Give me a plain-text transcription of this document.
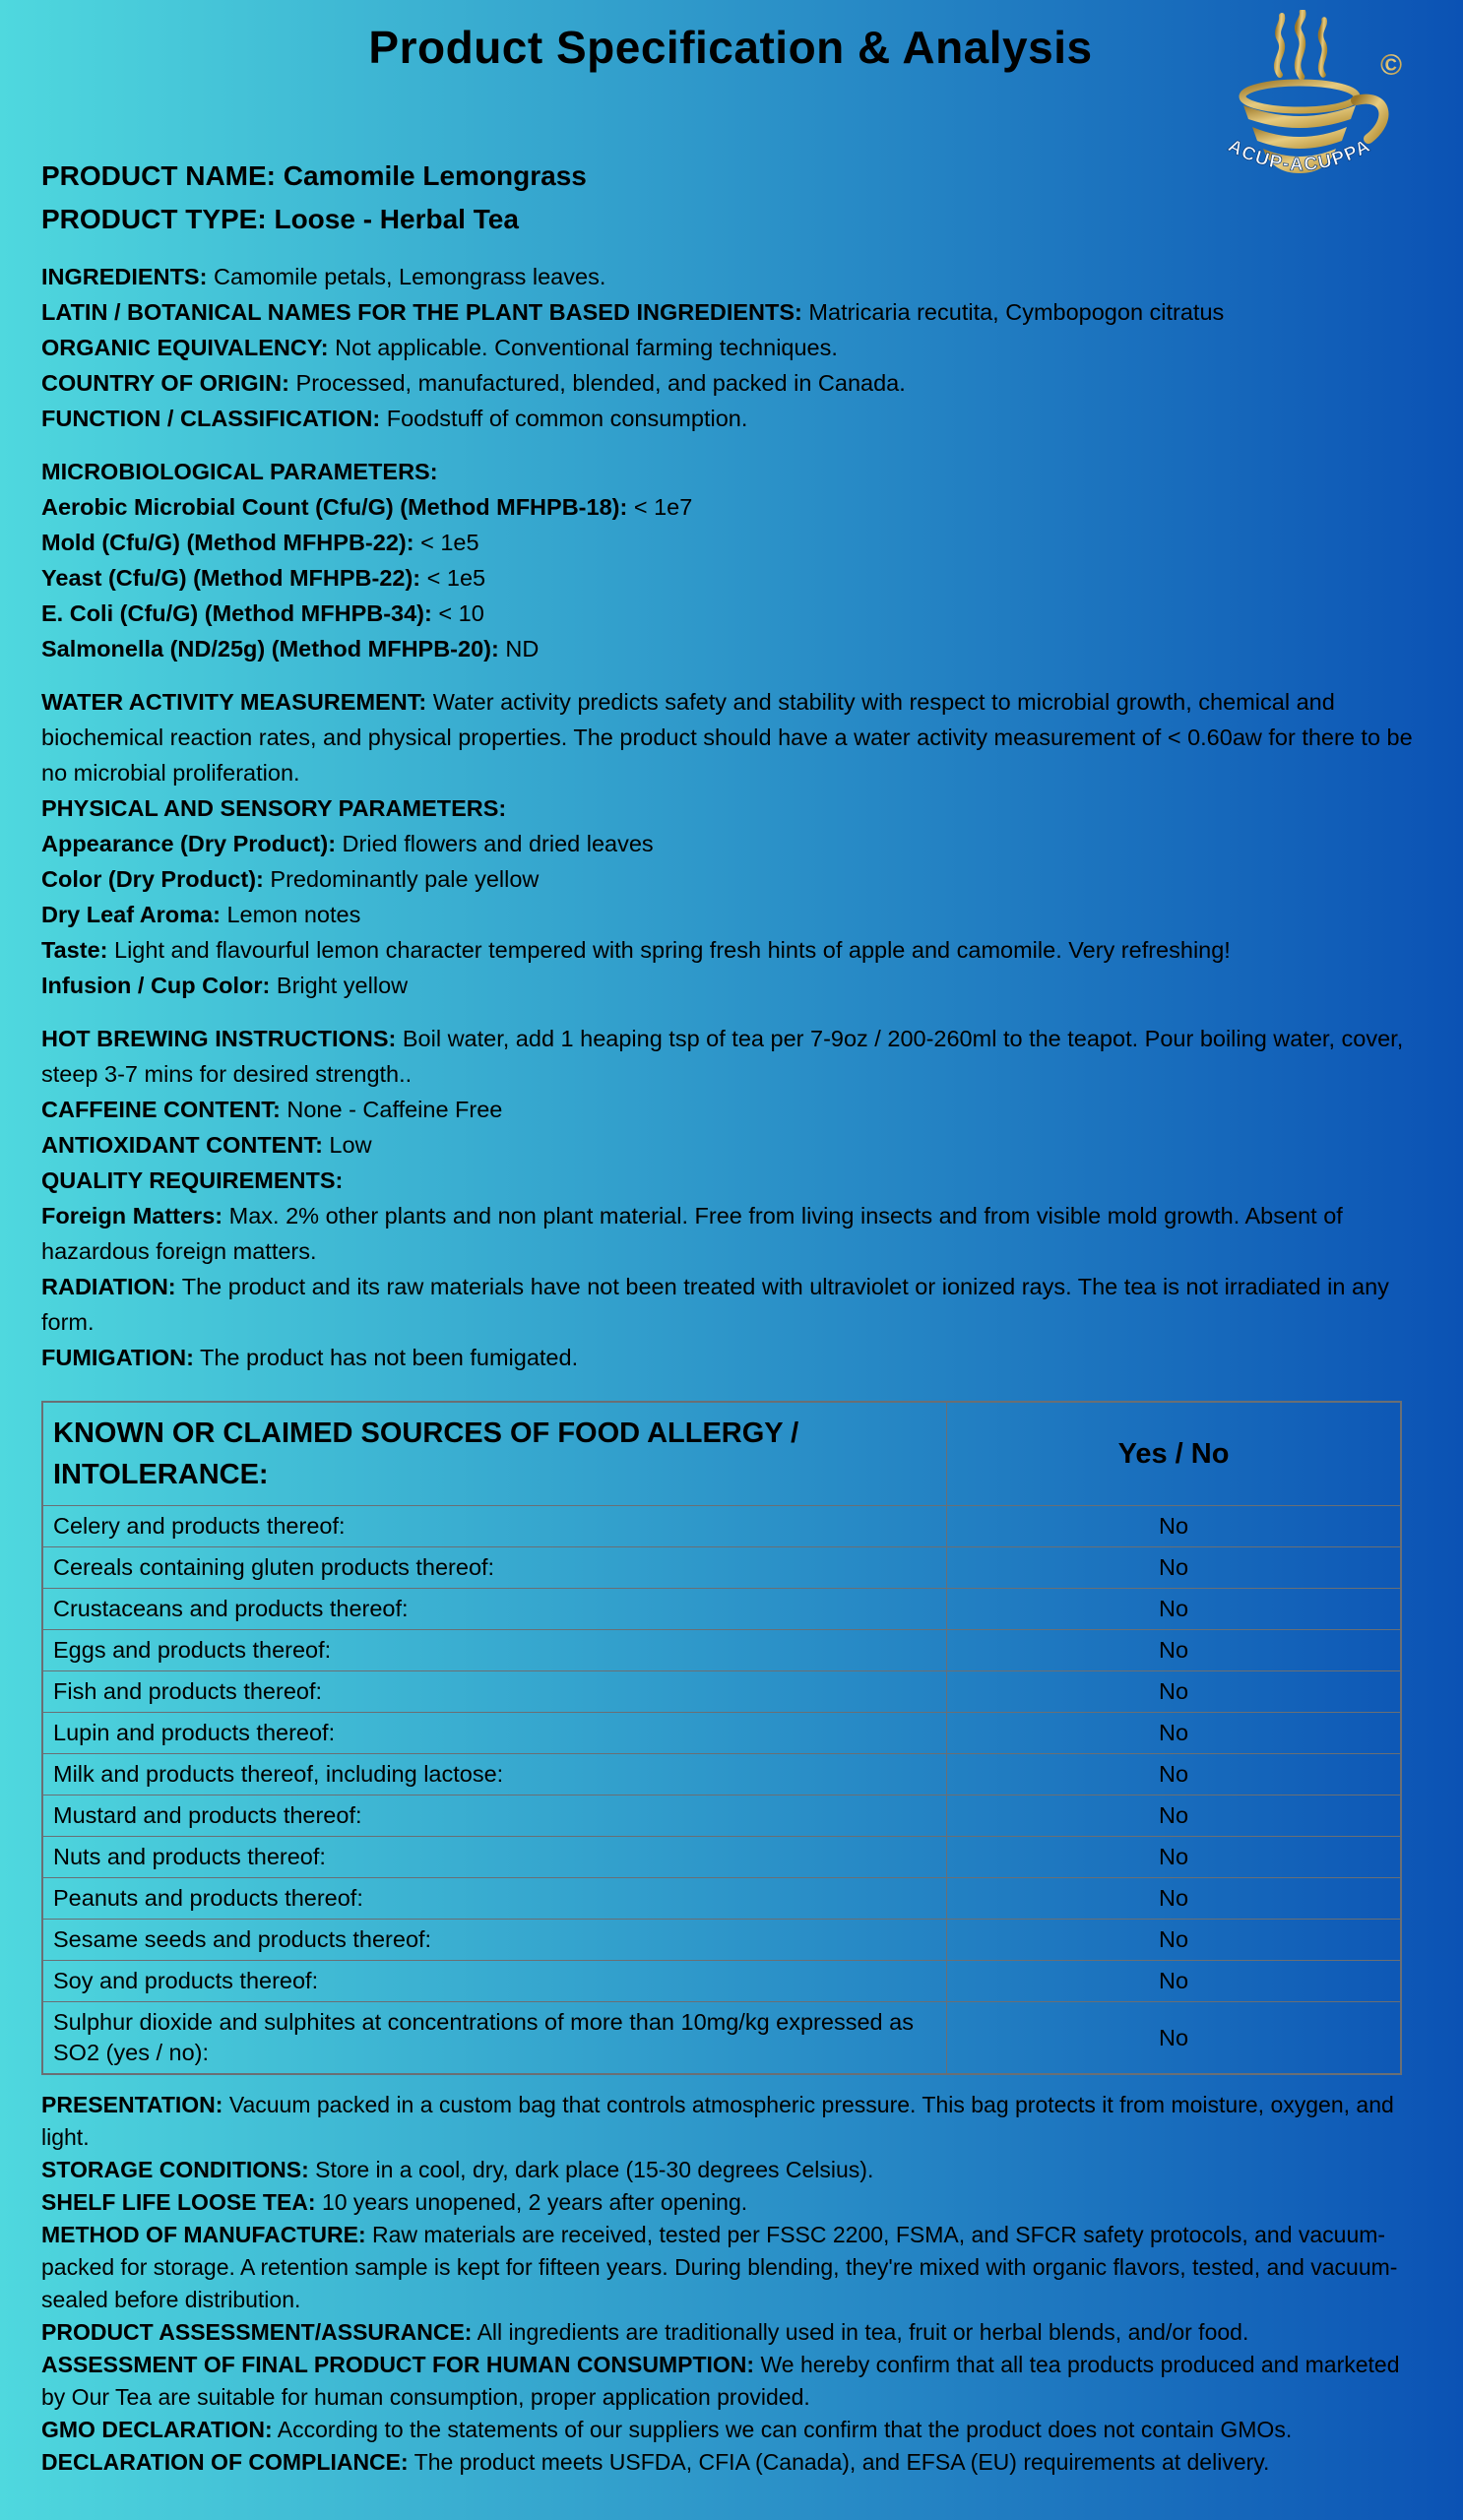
©
ACUP-ACUPPA
Product Specification & Analysis

PRODUCT NAME: Camomile Lemongrass

PRODUCT TYPE: Loose - Herbal Tea

INGREDIENTS: Camomile petals, Lemongrass leaves.

LATIN / BOTANICAL NAMES FOR THE PLANT BASED INGREDIENTS: Matricaria recutita, Cymbopogon citratus

ORGANIC EQUIVALENCY: Not applicable. Conventional farming techniques.

COUNTRY OF ORIGIN: Processed, manufactured, blended, and packed in Canada.

FUNCTION / CLASSIFICATION: Foodstuff of common consumption.

MICROBIOLOGICAL PARAMETERS:

Aerobic Microbial Count (Cfu/G) (Method MFHPB-18): < 1e7

Mold (Cfu/G) (Method MFHPB-22): < 1e5

Yeast (Cfu/G) (Method MFHPB-22): < 1e5

E. Coli (Cfu/G) (Method MFHPB-34): < 10

Salmonella (ND/25g) (Method MFHPB-20): ND

WATER ACTIVITY MEASUREMENT: Water activity predicts safety and stability with respect to microbial growth, chemical and biochemical reaction rates, and physical properties. The product should have a water activity measurement of < 0.60aw for there to be no microbial proliferation.

PHYSICAL AND SENSORY PARAMETERS:

Appearance (Dry Product): Dried flowers and dried leaves

Color (Dry Product): Predominantly pale yellow

Dry Leaf Aroma: Lemon notes

Taste: Light and flavourful lemon character tempered with spring fresh hints of apple and camomile. Very refreshing!

Infusion / Cup Color: Bright yellow

HOT BREWING INSTRUCTIONS: Boil water, add 1 heaping tsp of tea per 7-9oz / 200-260ml to the teapot. Pour boiling water, cover, steep 3-7 mins for desired strength..

CAFFEINE CONTENT: None - Caffeine Free

ANTIOXIDANT CONTENT: Low

QUALITY REQUIREMENTS:

Foreign Matters: Max. 2% other plants and non plant material. Free from living insects and from visible mold growth. Absent of hazardous foreign matters.

RADIATION: The product and its raw materials have not been treated with ultraviolet or ionized rays. The tea is not irradiated in any form.

FUMIGATION: The product has not been fumigated.

KNOWN OR CLAIMED SOURCES OF FOOD ALLERGY / INTOLERANCE:	Yes / No
Celery and products thereof:	No
Cereals containing gluten products thereof:	No
Crustaceans and products thereof:	No
Eggs and products thereof:	No
Fish and products thereof:	No
Lupin and products thereof:	No
Milk and products thereof, including lactose:	No
Mustard and products thereof:	No
Nuts and products thereof:	No
Peanuts and products thereof:	No
Sesame seeds and products thereof:	No
Soy and products thereof:	No
Sulphur dioxide and sulphites at concentrations of more than 10mg/kg expressed as SO2 (yes / no):	No

PRESENTATION: Vacuum packed in a custom bag that controls atmospheric pressure. This bag protects it from moisture, oxygen, and light.

STORAGE CONDITIONS: Store in a cool, dry, dark place (15-30 degrees Celsius).

SHELF LIFE LOOSE TEA: 10 years unopened, 2 years after opening.

METHOD OF MANUFACTURE: Raw materials are received, tested per FSSC 2200, FSMA, and SFCR safety protocols, and vacuum-packed for storage. A retention sample is kept for fifteen years. During blending, they're mixed with organic flavors, tested, and vacuum-sealed before distribution.

PRODUCT ASSESSMENT/ASSURANCE: All ingredients are traditionally used in tea, fruit or herbal blends, and/or food.

ASSESSMENT OF FINAL PRODUCT FOR HUMAN CONSUMPTION: We hereby confirm that all tea products produced and marketed by Our Tea are suitable for human consumption, proper application provided.

GMO DECLARATION: According to the statements of our suppliers we can confirm that the product does not contain GMOs.

DECLARATION OF COMPLIANCE: The product meets USFDA, CFIA (Canada), and EFSA (EU) requirements at delivery.
